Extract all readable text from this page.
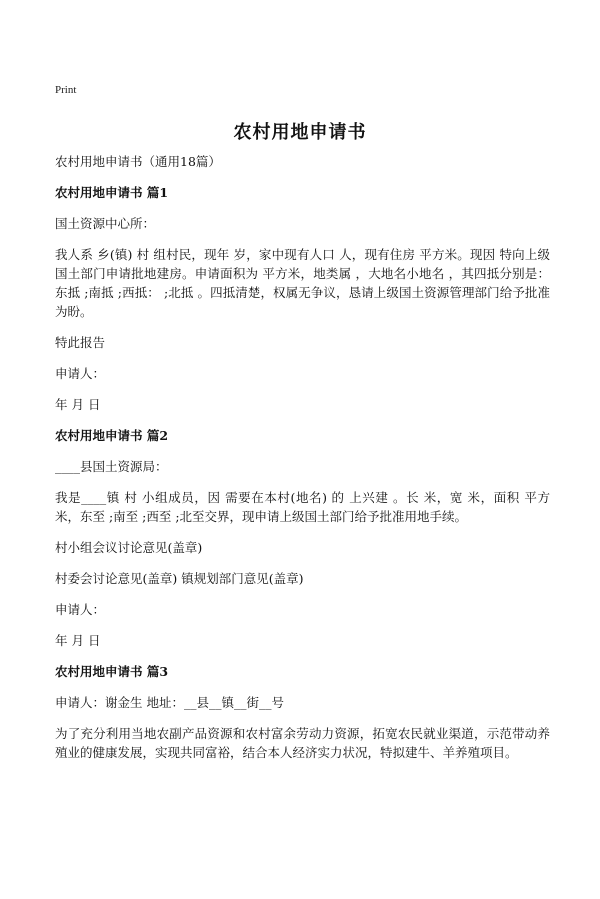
Print
农村用地申请书

农村用地申请书（通用18篇）

农村用地申请书 篇1

国土资源中心所：

我人系 乡(镇) 村 组村民，现年 岁，家中现有人口 人，现有住房 平方米。现因 特向上级国土部门申请批地建房。申请面积为 平方米，地类属 ，大地名小地名 ，其四抵分别是：东抵 ;南抵 ;西抵： ;北抵 。四抵清楚，权属无争议，恳请上级国土资源管理部门给予批准为盼。

特此报告

申请人：

年 月 日

农村用地申请书 篇2

____县国土资源局：

我是____镇 村 小组成员，因 需要在本村(地名) 的 上兴建 。长 米，宽 米，面积 平方米，东至 ;南至 ;西至 ;北至交界，现申请上级国土部门给予批准用地手续。

村小组会议讨论意见(盖章)

村委会讨论意见(盖章) 镇规划部门意见(盖章)

申请人：

年 月 日

农村用地申请书 篇3

申请人：谢金生 地址：__县__镇__街__号

为了充分利用当地农副产品资源和农村富余劳动力资源，拓宽农民就业渠道，示范带动养殖业的健康发展，实现共同富裕，结合本人经济实力状况，特拟建牛、羊养殖项目。
